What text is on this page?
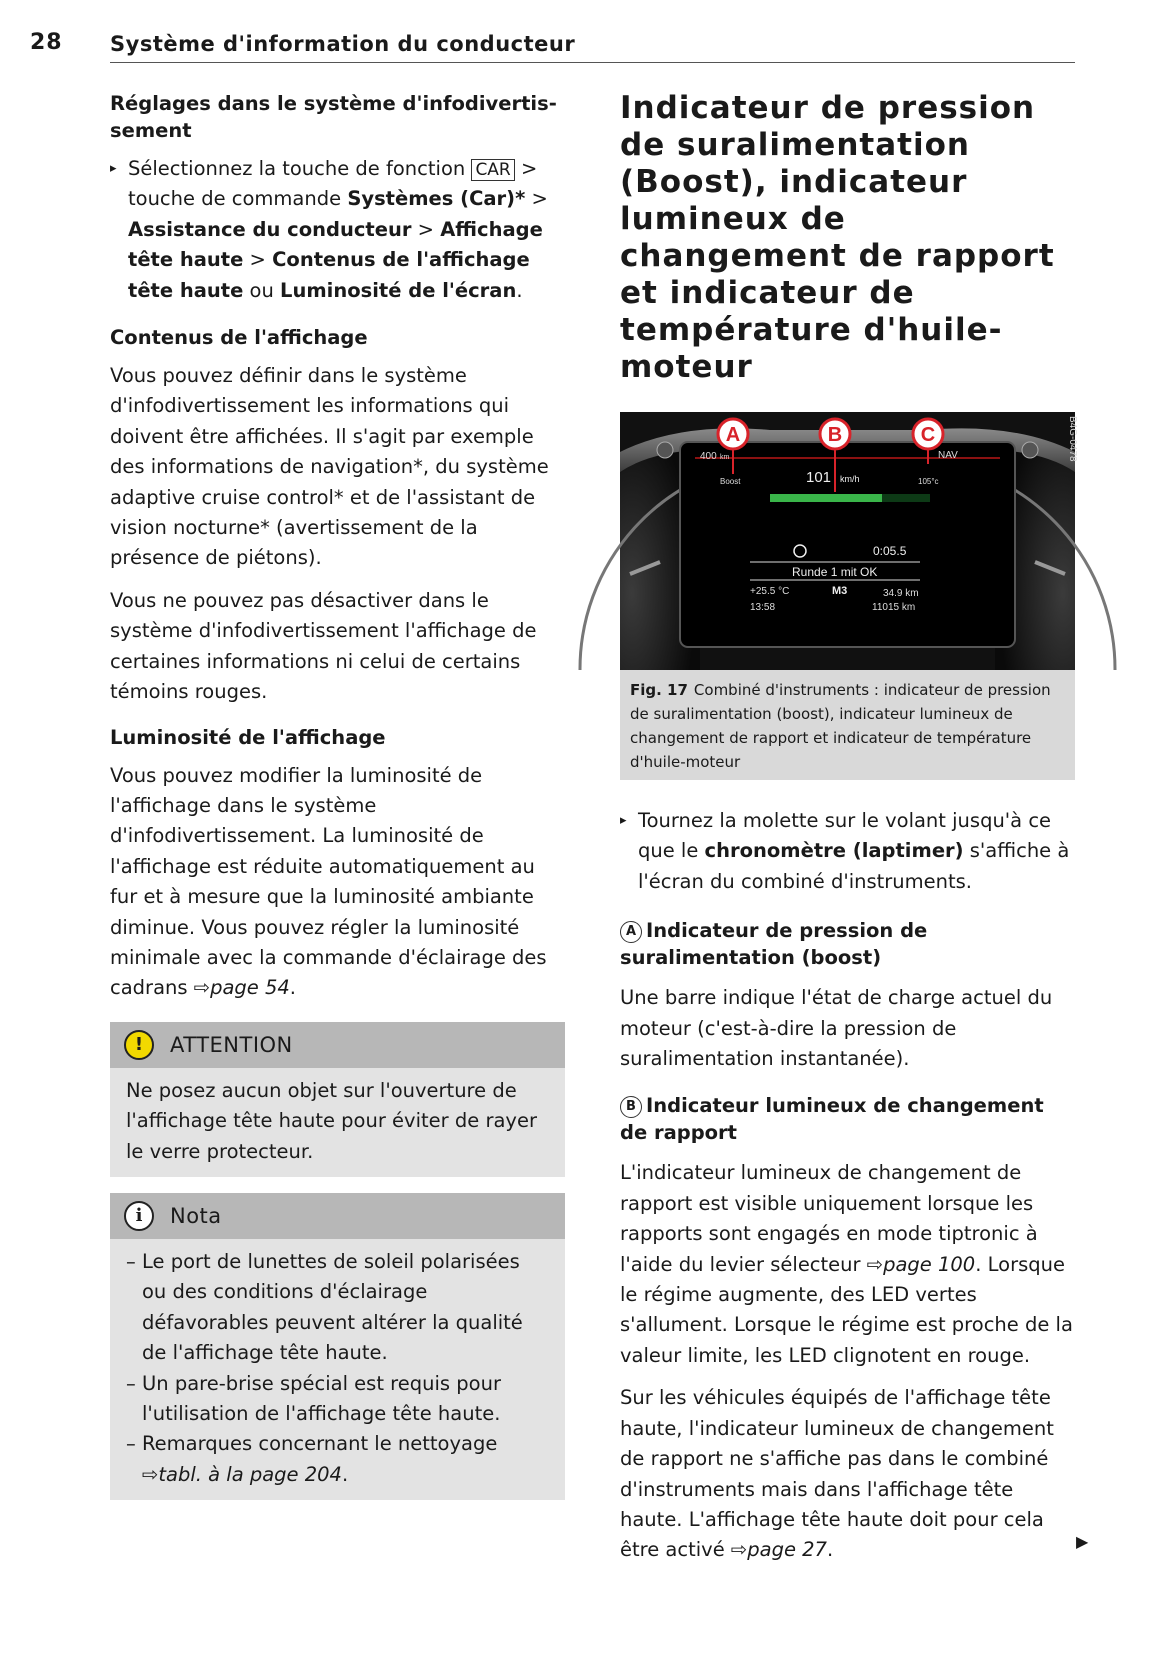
28 Système d'information du conducteur
Réglages dans le système d'infodivertis-sement
▸ Sélectionnez la touche de fonction CAR > touche de commande Systèmes (Car)* > Assistance du conducteur > Affichage tête haute > Contenus de l'affichage tête haute ou Luminosité de l'écran.
Contenus de l'affichage

Vous pouvez définir dans le système d'infodivertissement les informations qui doivent être affichées. Il s'agit par exemple des informations de navigation*, du système adaptive cruise control* et de l'assistant de vision nocturne* (avertissement de la présence de piétons).

Vous ne pouvez pas désactiver dans le système d'infodivertissement l'affichage de certaines informations ni celui de certains témoins rouges.

Luminosité de l'affichage

Vous pouvez modifier la luminosité de l'affichage dans le système d'infodivertissement. La luminosité de l'affichage est réduite automatiquement au fur et à mesure que la luminosité ambiante diminue. Vous pouvez régler la luminosité minimale avec la commande d'éclairage des cadrans ⇨page 54.

!	ATTENTION
Ne posez aucun objet sur l'ouverture de l'affichage tête haute pour éviter de rayer le verre protecteur.
i	Nota
– Le port de lunettes de soleil polarisées ou des conditions d'éclairage défavorables peuvent altérer la qualité de l'affichage tête haute.
– Un pare-brise spécial est requis pour l'utilisation de l'affichage tête haute.
– Remarques concernant le nettoyage ⇨tabl. à la page 204.
Indicateur de pression de suralimentation (Boost), indicateur lumineux de changement de rapport et indicateur de température d'huile-moteur
A	B	C
400 km
Boost	101 km/h
NAV
105°c
0:05.5
Runde 1 mit OK
+25.5 °C	M3	34.9 km
13:58	11015 km
B4G-0478
Fig. 17 Combiné d'instruments : indicateur de pression de suralimentation (boost), indicateur lumineux de changement de rapport et indicateur de température d'huile-moteur
▸ Tournez la molette sur le volant jusqu'à ce que le chronomètre (laptimer) s'affiche à l'écran du combiné d'instruments.
A Indicateur de pression de suralimentation (boost)

Une barre indique l'état de charge actuel du moteur (c'est-à-dire la pression de suralimentation instantanée).

B Indicateur lumineux de changement de rapport

L'indicateur lumineux de changement de rapport est visible uniquement lorsque les rapports sont engagés en mode tiptronic à l'aide du levier sélecteur ⇨page 100. Lorsque le régime augmente, des LED vertes s'allument. Lorsque le régime est proche de la valeur limite, les LED clignotent en rouge.

Sur les véhicules équipés de l'affichage tête haute, l'indicateur lumineux de changement de rapport ne s'affiche pas dans le combiné d'instruments mais dans l'affichage tête haute. L'affichage tête haute doit pour cela être activé ⇨page 27.	▶
